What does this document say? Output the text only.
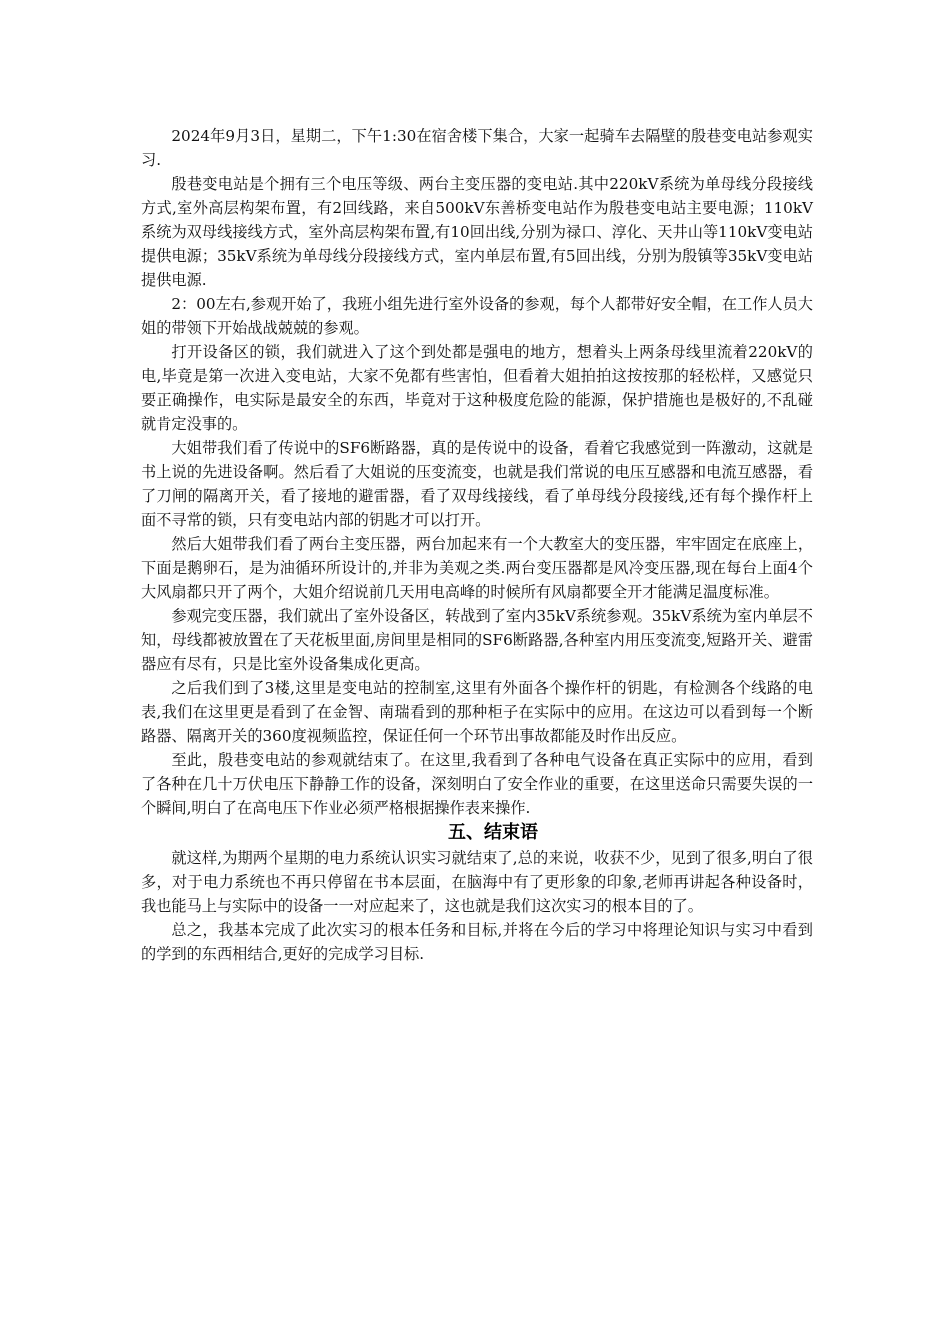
2024年9月3日，星期二，下午1:30在宿舍楼下集合，大家一起骑车去隔壁的殷巷变电站参观实习.

殷巷变电站是个拥有三个电压等级、两台主变压器的变电站.其中220kV系统为单母线分段接线方式,室外高层构架布置，有2回线路，来自500kV东善桥变电站作为殷巷变电站主要电源；110kV系统为双母线接线方式，室外高层构架布置,有10回出线,分别为禄口、淳化、天井山等110kV变电站提供电源；35kV系统为单母线分段接线方式，室内单层布置,有5回出线，分别为殷镇等35kV变电站提供电源.

2：00左右,参观开始了，我班小组先进行室外设备的参观，每个人都带好安全帽，在工作人员大姐的带领下开始战战兢兢的参观。

打开设备区的锁，我们就进入了这个到处都是强电的地方，想着头上两条母线里流着220kV的电,毕竟是第一次进入变电站，大家不免都有些害怕，但看着大姐拍拍这按按那的轻松样，又感觉只要正确操作，电实际是最安全的东西，毕竟对于这种极度危险的能源，保护措施也是极好的,不乱碰就肯定没事的。

大姐带我们看了传说中的SF6断路器，真的是传说中的设备，看着它我感觉到一阵激动，这就是书上说的先进设备啊。然后看了大姐说的压变流变，也就是我们常说的电压互感器和电流互感器，看了刀闸的隔离开关，看了接地的避雷器，看了双母线接线，看了单母线分段接线,还有每个操作杆上面不寻常的锁，只有变电站内部的钥匙才可以打开。

然后大姐带我们看了两台主变压器，两台加起来有一个大教室大的变压器，牢牢固定在底座上，下面是鹅卵石，是为油循环所设计的,并非为美观之类.两台变压器都是风冷变压器,现在每台上面4个大风扇都只开了两个，大姐介绍说前几天用电高峰的时候所有风扇都要全开才能满足温度标准。

参观完变压器，我们就出了室外设备区，转战到了室内35kV系统参观。35kV系统为室内单层不知，母线都被放置在了天花板里面,房间里是相同的SF6断路器,各种室内用压变流变,短路开关、避雷器应有尽有，只是比室外设备集成化更高。

之后我们到了3楼,这里是变电站的控制室,这里有外面各个操作杆的钥匙，有检测各个线路的电表,我们在这里更是看到了在金智、南瑞看到的那种柜子在实际中的应用。在这边可以看到每一个断路器、隔离开关的360度视频监控，保证任何一个环节出事故都能及时作出反应。

至此，殷巷变电站的参观就结束了。在这里,我看到了各种电气设备在真正实际中的应用，看到了各种在几十万伏电压下静静工作的设备，深刻明白了安全作业的重要，在这里送命只需要失误的一个瞬间,明白了在高电压下作业必须严格根据操作表来操作.

五、结束语

就这样,为期两个星期的电力系统认识实习就结束了,总的来说，收获不少，见到了很多,明白了很多，对于电力系统也不再只停留在书本层面，在脑海中有了更形象的印象,老师再讲起各种设备时，我也能马上与实际中的设备一一对应起来了，这也就是我们这次实习的根本目的了。

总之，我基本完成了此次实习的根本任务和目标,并将在今后的学习中将理论知识与实习中看到的学到的东西相结合,更好的完成学习目标.
